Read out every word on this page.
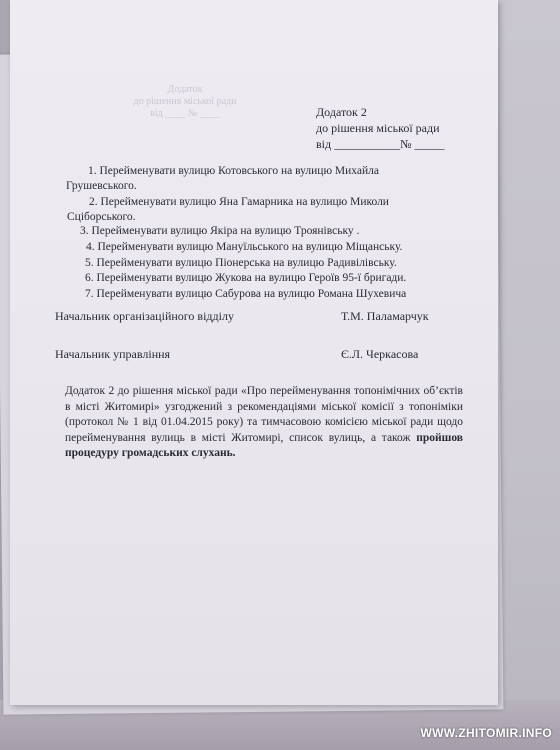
Додаток
до рішення міської ради
від ____ № ____	Додаток 2
до рішення міської ради
від ___________№ _____
1. Перейменувати вулицю Котовського на вулицю Михайла
Грушевського.
2. Перейменувати вулицю Яна Гамарника на вулицю Миколи
Сціборського.
3. Перейменувати вулицю Якіра на вулицю Троянівську .
4. Перейменувати вулицю Мануїльського на вулицю Міщанську.
5. Перейменувати вулицю Піонерська на вулицю Радивілівську.
6. Перейменувати вулицю Жукова на вулицю Героїв 95-ї бригади.
7. Перейменувати вулицю Сабурова на вулицю Романа Шухевича
Начальник організаційного відділу	Т.М. Паламарчук
Начальник управління	Є.Л. Черкасова
Додаток 2 до рішення міської ради «Про перейменування топонімічних об’єктів в місті Житомирі» узгоджений з рекомендаціями міської комісії з топоніміки (протокол № 1 від 01.04.2015 року) та тимчасовою комісією міської ради щодо перейменування вулиць в місті Житомирі, список вулиць, а також пройшов процедуру громадських слухань.
WWW.ZHITOMIR.INFO
